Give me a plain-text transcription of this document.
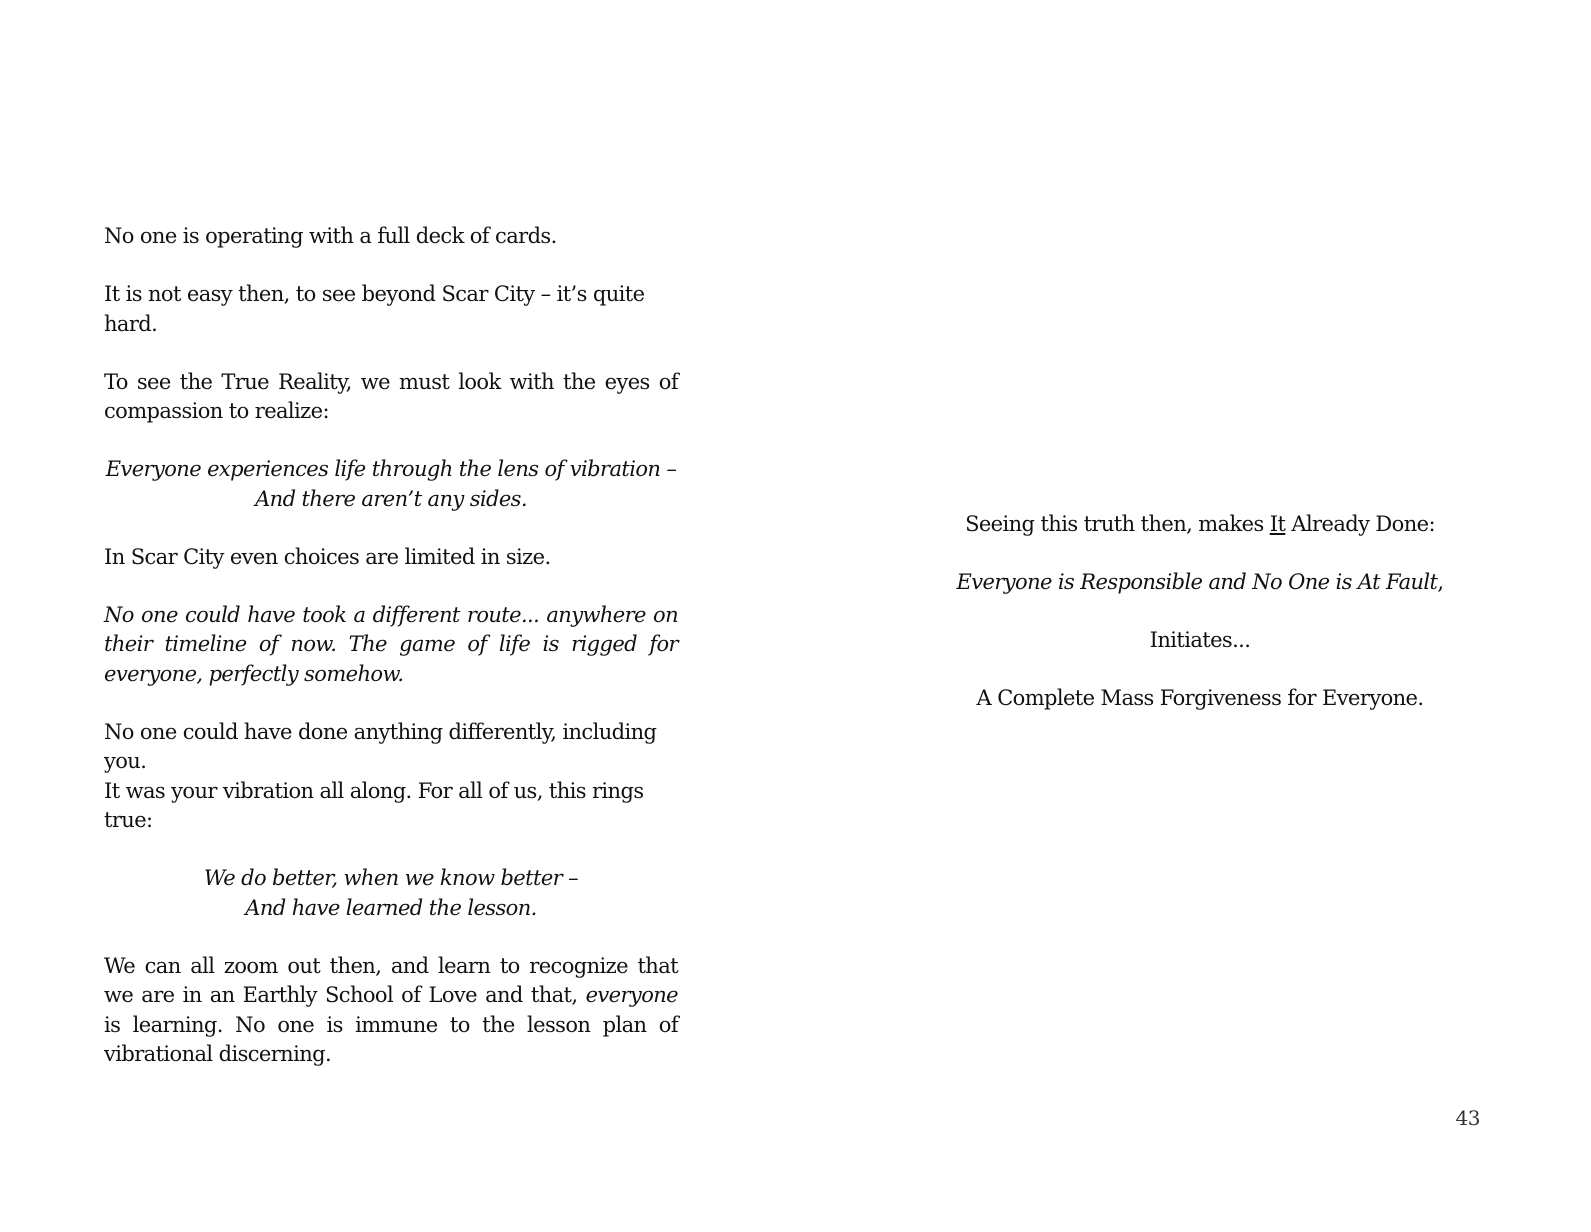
No one is operating with a full deck of cards.

It is not easy then, to see beyond Scar City – it’s quite hard.

To see the True Reality, we must look with the eyes of compassion to realize:

Everyone experiences life through the lens of vibration –
And there aren’t any sides.

In Scar City even choices are limited in size.

No one could have took a different route... anywhere on their timeline of now. The game of life is rigged for everyone, perfectly somehow.

No one could have done anything differently, including you.
It was your vibration all along. For all of us, this rings true:

We do better, when we know better –
And have learned the lesson.

We can all zoom out then, and learn to recognize that we are in an Earthly School of Love and that, everyone is learning. No one is immune to the lesson plan of vibrational discerning.

Seeing this truth then, makes It Already Done:

Everyone is Responsible and No One is At Fault,

Initiates...

A Complete Mass Forgiveness for Everyone.

43
